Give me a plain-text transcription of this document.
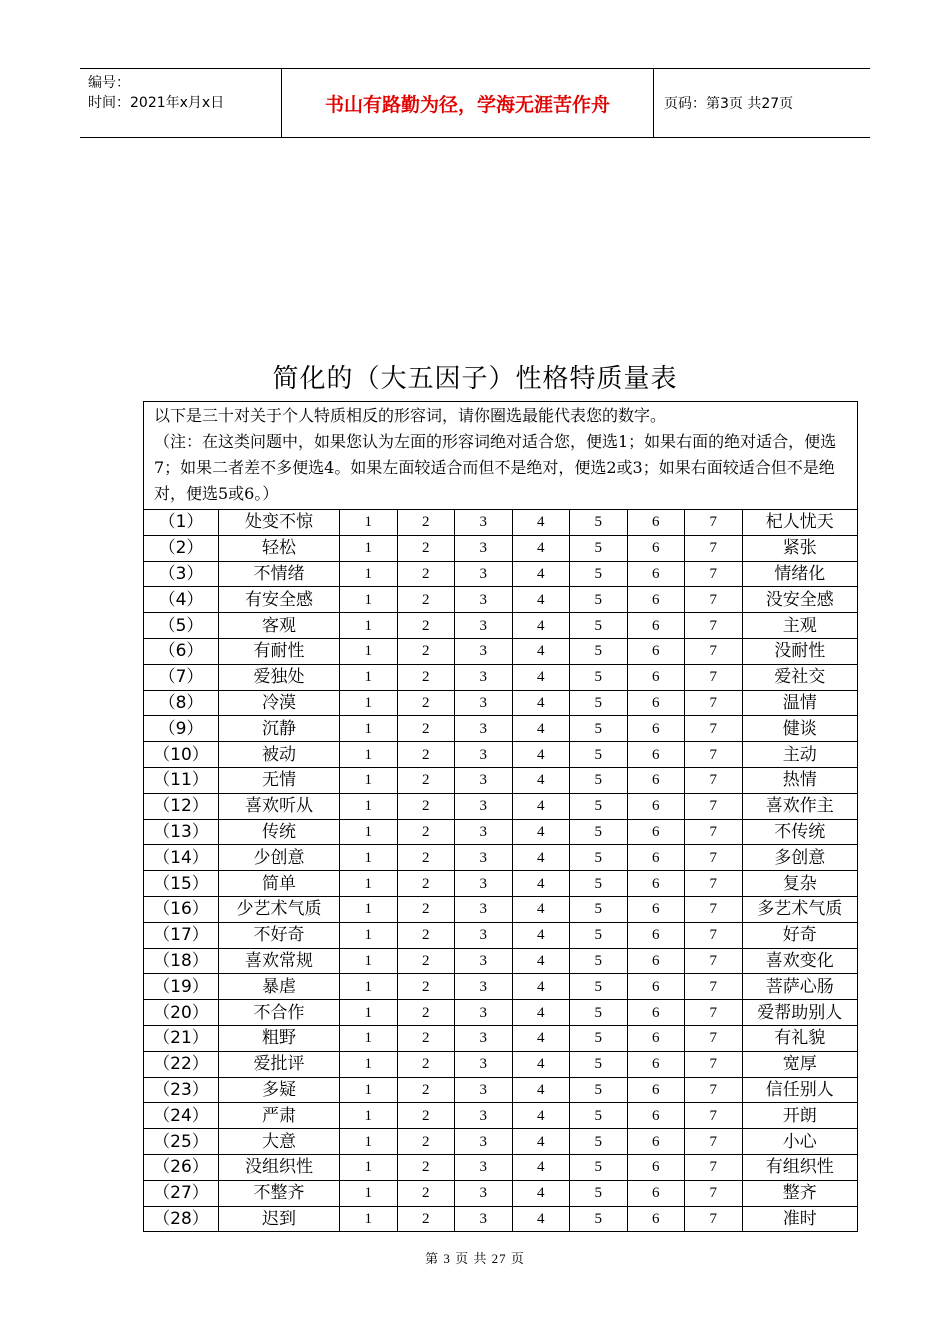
编号：
时间：2021年x月x日	书山有路勤为径，学海无涯苦作舟	页码：第3页 共27页
简化的（大五因子）性格特质量表
以下是三十对关于个人特质相反的形容词，请你圈选最能代表您的数字。
（注：在这类问题中，如果您认为左面的形容词绝对适合您，便选1；如果右面的绝对适合，便选7；如果二者差不多便选4。如果左面较适合而但不是绝对，便选2或3；如果右面较适合但不是绝对，便选5或6。）									

（1）	处变不惊	1	2	3	4	5	6	7	杞人忧天
（2）	轻松	1	2	3	4	5	6	7	紧张
（3）	不情绪	1	2	3	4	5	6	7	情绪化
（4）	有安全感	1	2	3	4	5	6	7	没安全感
（5）	客观	1	2	3	4	5	6	7	主观
（6）	有耐性	1	2	3	4	5	6	7	没耐性
（7）	爱独处	1	2	3	4	5	6	7	爱社交
（8）	冷漠	1	2	3	4	5	6	7	温情
（9）	沉静	1	2	3	4	5	6	7	健谈
（10）	被动	1	2	3	4	5	6	7	主动
（11）	无情	1	2	3	4	5	6	7	热情
（12）	喜欢听从	1	2	3	4	5	6	7	喜欢作主
（13）	传统	1	2	3	4	5	6	7	不传统
（14）	少创意	1	2	3	4	5	6	7	多创意
（15）	简单	1	2	3	4	5	6	7	复杂
（16）	少艺术气质	1	2	3	4	5	6	7	多艺术气质
（17）	不好奇	1	2	3	4	5	6	7	好奇
（18）	喜欢常规	1	2	3	4	5	6	7	喜欢变化
（19）	暴虐	1	2	3	4	5	6	7	菩萨心肠
（20）	不合作	1	2	3	4	5	6	7	爱帮助别人
（21）	粗野	1	2	3	4	5	6	7	有礼貌
（22）	爱批评	1	2	3	4	5	6	7	宽厚
（23）	多疑	1	2	3	4	5	6	7	信任别人
（24）	严肃	1	2	3	4	5	6	7	开朗
（25）	大意	1	2	3	4	5	6	7	小心
（26）	没组织性	1	2	3	4	5	6	7	有组织性
（27）	不整齐	1	2	3	4	5	6	7	整齐
（28）	迟到	1	2	3	4	5	6	7	准时
第 3 页 共 27 页
